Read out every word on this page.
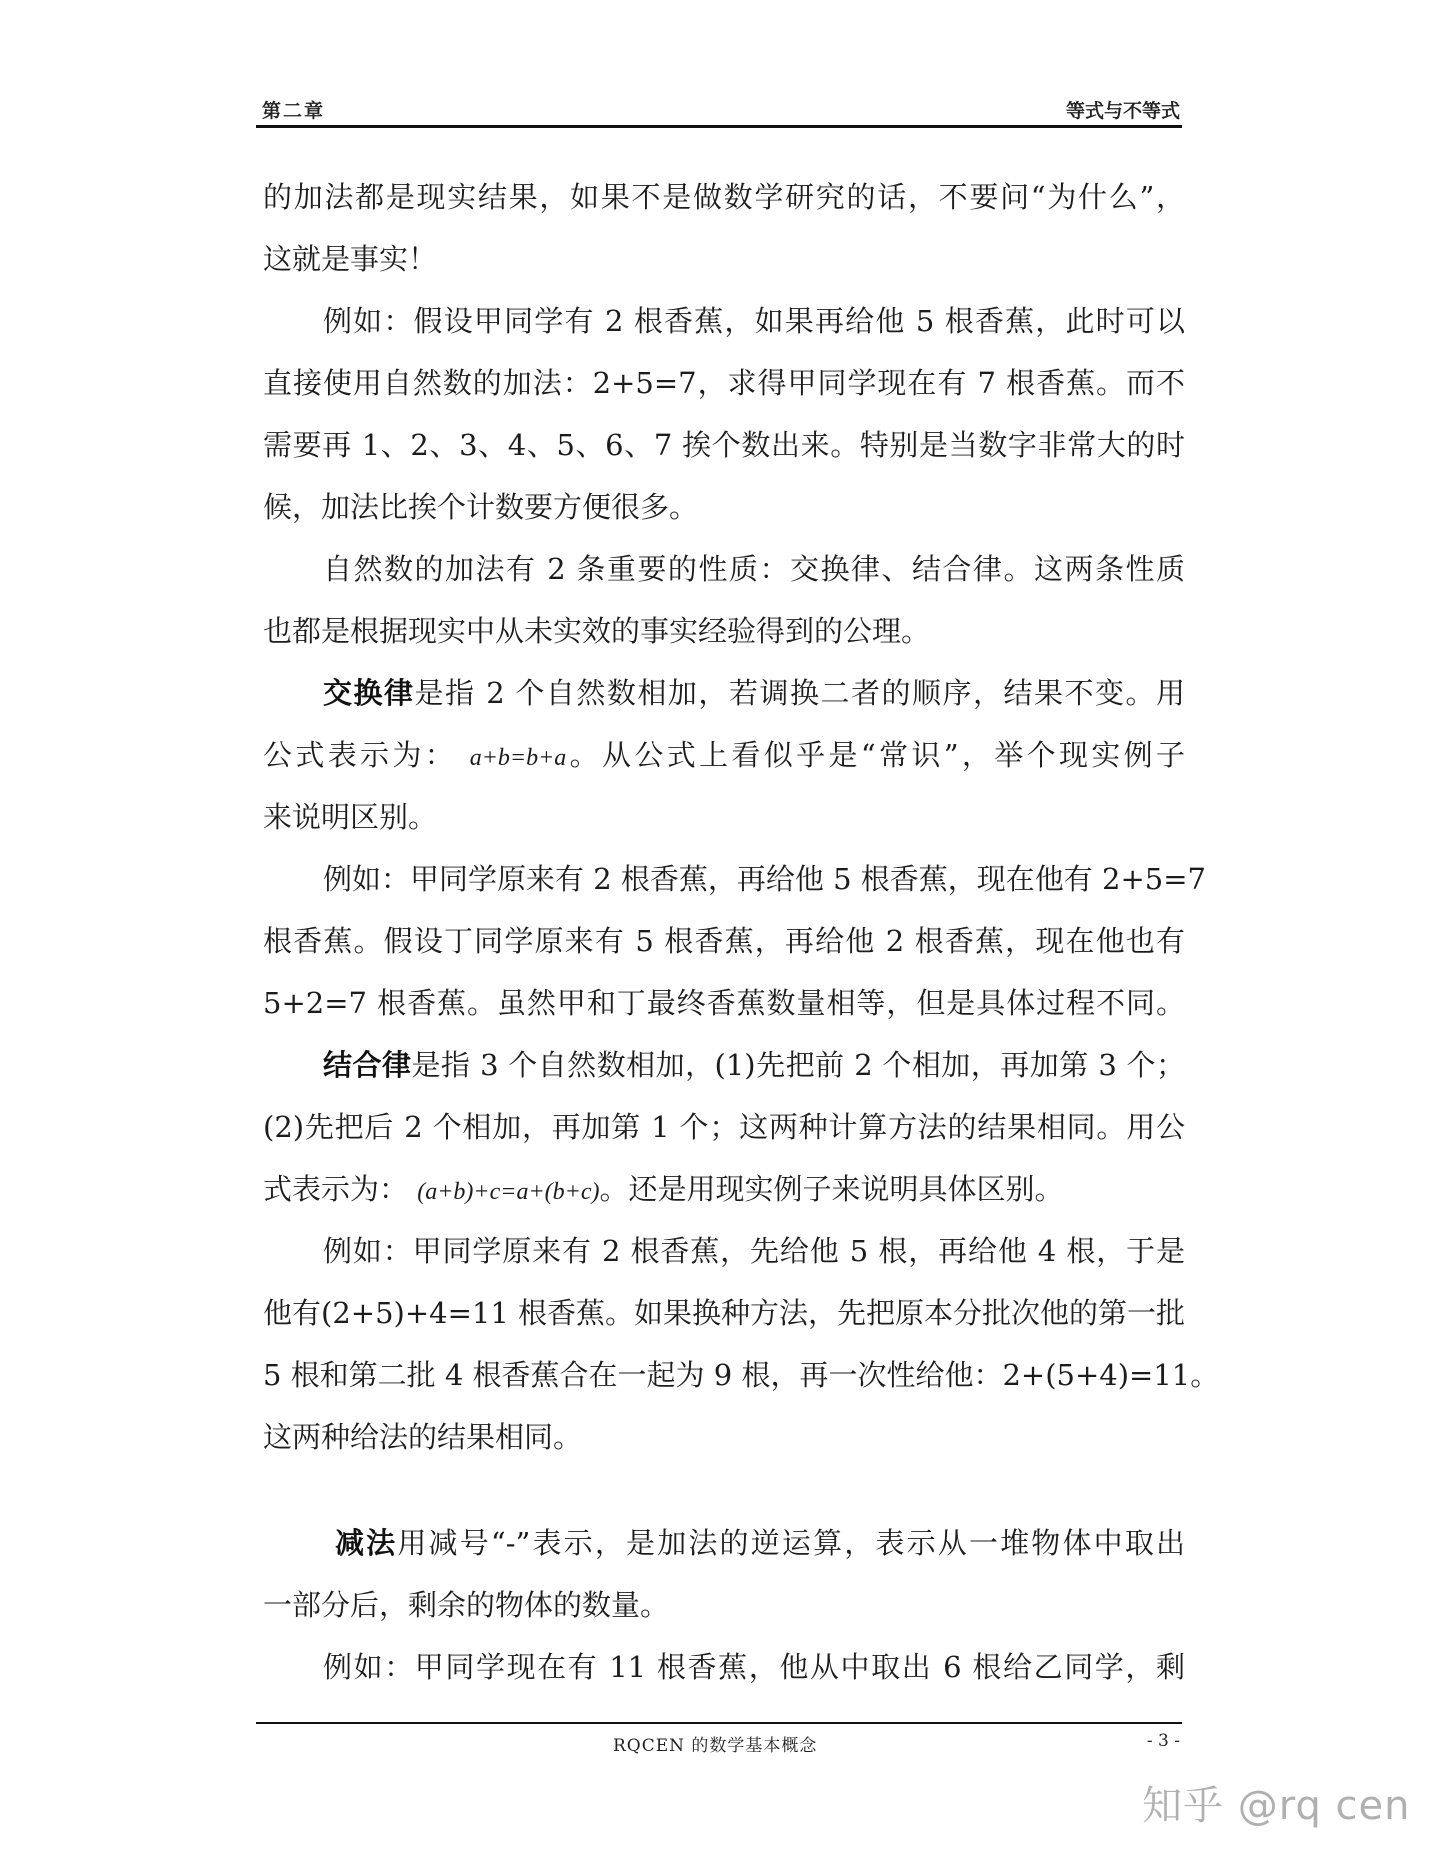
第二章	等式与不等式
的加法都是现实结果，如果不是做数学研究的话，不要问“为什么”，
这就是事实！
例如：假设甲同学有 2 根香蕉，如果再给他 5 根香蕉，此时可以
直接使用自然数的加法：2+5=7，求得甲同学现在有 7 根香蕉。而不
需要再 1、2、3、4、5、6、7 挨个数出来。特别是当数字非常大的时
候，加法比挨个计数要方便很多。
自然数的加法有 2 条重要的性质：交换律、结合律。这两条性质
也都是根据现实中从未实效的事实经验得到的公理。
交换律是指 2 个自然数相加，若调换二者的顺序，结果不变。用
公式表示为： a+b=b+a。从公式上看似乎是“常识”，举个现实例子
来说明区别。
例如：甲同学原来有 2 根香蕉，再给他 5 根香蕉，现在他有 2+5=7
根香蕉。假设丁同学原来有 5 根香蕉，再给他 2 根香蕉，现在他也有
5+2=7 根香蕉。虽然甲和丁最终香蕉数量相等，但是具体过程不同。
结合律是指 3 个自然数相加，(1)先把前 2 个相加，再加第 3 个；
(2)先把后 2 个相加，再加第 1 个；这两种计算方法的结果相同。用公
式表示为： (a+b)+c=a+(b+c)。还是用现实例子来说明具体区别。
例如：甲同学原来有 2 根香蕉，先给他 5 根，再给他 4 根，于是
他有(2+5)+4=11 根香蕉。如果换种方法，先把原本分批次他的第一批
5 根和第二批 4 根香蕉合在一起为 9 根，再一次性给他：2+(5+4)=11。
这两种给法的结果相同。
减法用减号“-”表示，是加法的逆运算，表示从一堆物体中取出
一部分后，剩余的物体的数量。
例如：甲同学现在有 11 根香蕉，他从中取出 6 根给乙同学，剩
RQCEN 的数学基本概念	- 3 -
知乎 @rq cen
